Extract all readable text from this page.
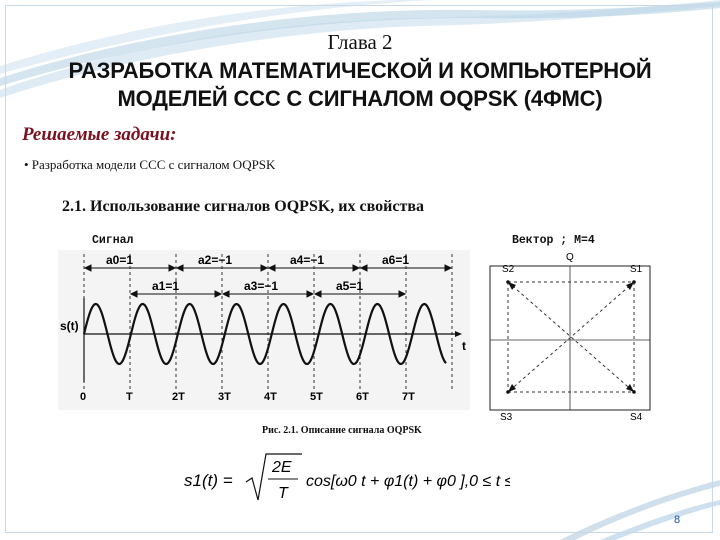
Глава 2
РАЗРАБОТКА МАТЕМАТИЧЕСКОЙ И КОМПЬЮТЕРНОЙ
МОДЕЛЕЙ ССС С СИГНАЛОМ OQPSK (4ФМС)
Решаемые задачи:
• Разработка модели ССС с сигналом OQPSK
2.1. Использование сигналов OQPSK, их свойства
Сигнал	Вектор ; М=4
s(t)
t
a0=1	a2=−1	a4=−1	a6=1
a1=1	a3=−1	a5=1
0	T	2T	3T	4T	5T	6T	7T
Q
S2	S1
S3	S4
Рис. 2.1. Описание сигнала OQPSK
s1(t) =
2E
T
cos[ω0 t + φ1(t) + φ0 ],0 ≤ t ≤ T
8
